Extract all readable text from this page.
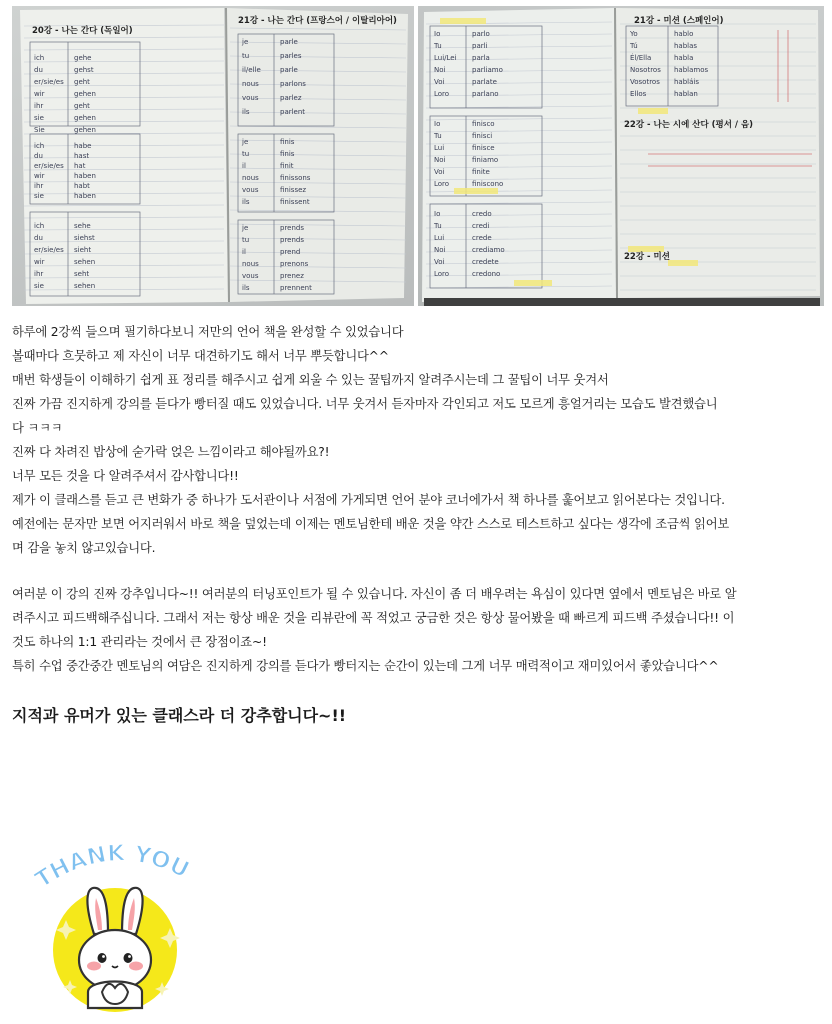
20강 - 나는 간다 (독일어)
21강 - 나는 간다 (프랑스어 / 이탈리아어)
ich	gehe
du	gehst
er/sie/es geht
wir	gehen
ihr	geht
sie	gehen
Sie	gehen
ich	habe
du	hast
er/sie/es hat
wir	haben
ihr	habt
sie	haben
ich	sehe
du	siehst
er/sie/es sieht
wir	sehen
ihr	seht
sie	sehen
je	parle
tu	parles
il/elle	parle
nous	parlons
vous	parlez
ils	parlent
je	finis
tu	finis
il	finit
nous	finissons
vous	finissez
ils	finissent
je	prends
tu	prends
il	prend
nous	prenons
vous	prenez
ils	prennent
21강 - 미션 (스페인어)
22강 - 나는 시에 산다 (평서 / 음)
22강 - 미션
Io	parlo
Tu	parli
Lui/Lei parla
Noi	parliamo
Voi	parlate
Loro	parlano
Io	finisco
Tu	finisci
Lui	finisce
Noi	finiamo
Voi	finite
Loro	finiscono
Io	credo
Tu	credi
Lui	crede
Noi	crediamo
Voi	credete
Loro	credono
Yo	hablo
Tú	hablas
Él/Ella	habla
Nosotros hablamos
Vosotros habláis
Ellos	hablan

하루에 2강씩 들으며 필기하다보니 저만의 언어 책을 완성할 수 있었습니다

볼때마다 흐뭇하고 제 자신이 너무 대견하기도 해서 너무 뿌듯합니다^^

매번 학생들이 이해하기 쉽게 표 정리를 해주시고 쉽게 외울 수 있는 꿀팁까지 알려주시는데 그 꿀팁이 너무 웃겨서

진짜 가끔 진지하게 강의를 듣다가 빵터질 때도 있었습니다. 너무 웃겨서 듣자마자 각인되고 저도 모르게 흥얼거리는 모습도 발견했습니

다 ㅋㅋㅋ

진짜 다 차려진 밥상에 숟가락 얹은 느낌이라고 해야될까요?!

너무 모든 것을 다 알려주셔서 감사합니다!!

제가 이 클래스를 듣고 큰 변화가 중 하나가 도서관이나 서점에 가게되면 언어 분야 코너에가서 책 하나를 훑어보고 읽어본다는 것입니다.

예전에는 문자만 보면 어지러워서 바로 책을 덮었는데 이제는 멘토님한테 배운 것을 약간 스스로 테스트하고 싶다는 생각에 조금씩 읽어보

며 감을 놓치 않고있습니다.

여러분 이 강의 진짜 강추입니다~!! 여러분의 터닝포인트가 될 수 있습니다. 자신이 좀 더 배우려는 욕심이 있다면 옆에서 멘토님은 바로 알

려주시고 피드백해주십니다. 그래서 저는 항상 배운 것을 리뷰란에 꼭 적었고 궁금한 것은 항상 물어봤을 때 빠르게 피드백 주셨습니다!! 이

것도 하나의 1:1 관리라는 것에서 큰 장점이죠~!

특히 수업 중간중간 멘토님의 여담은 진지하게 강의를 듣다가 빵터지는 순간이 있는데 그게 너무 매력적이고 재미있어서 좋았습니다^^

지적과 유머가 있는 클래스라 더 강추합니다~!!

THANK YOU
